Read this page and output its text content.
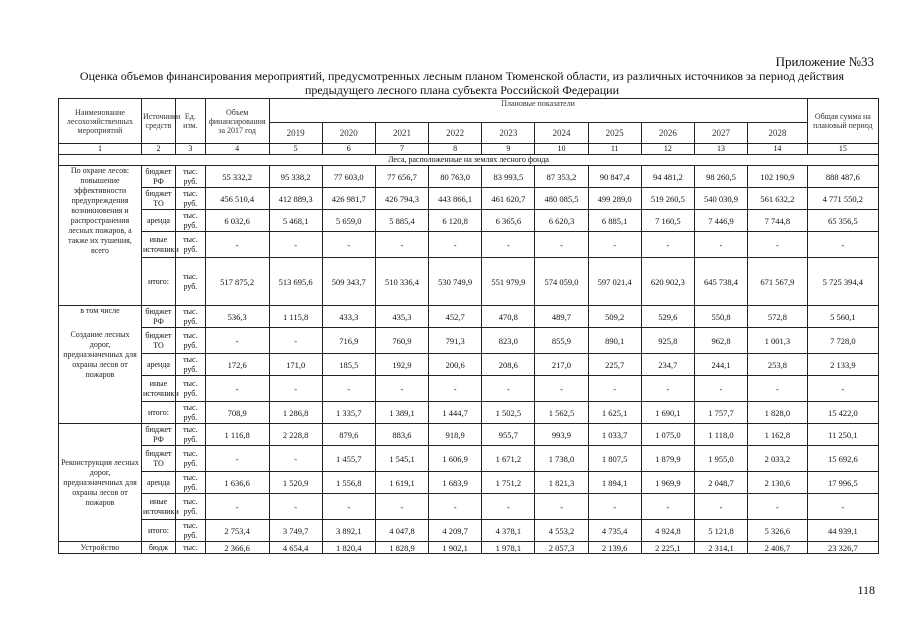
Приложение №33
Оценка объемов финансирования мероприятий, предусмотренных лесным планом Тюменской области, из различных источников за период действия предыдущего лесного плана субъекта Российской Федерации
Наименование лесохозяйственных мероприятий	Источники средств	Ед. изм.	Объем финансирования за 2017 год	Плановые показатели										Общая сумма на плановый период
				2019	2020	2021	2022	2023	2024	2025	2026	2027	2028	
1	2	3	4	5	6	7	8	9	10	11	12	13	14	15
Леса, расположенные на землях лесного фонда														

По охране лесов: повышение эффективности предупреждения возникновения и распространения лесных пожаров, а также их тушения, всего	бюджет РФ	тыс. руб.	55 332,2	95 338,2	77 603,0	77 656,7	80 763,0	83 993,5	87 353,2	90 847,4	94 481,2	98 260,5	102 190,9	888 487,6
	бюджет ТО	тыс. руб.	456 510,4	412 889,3	426 981,7	426 794,3	443 866,1	461 620,7	480 085,5	499 289,0	519 260,5	540 030,9	561 632,2	4 771 550,2
	аренда	тыс. руб.	6 032,6	5 468,1	5 659,0	5 885,4	6 120,8	6 365,6	6 620,3	6 885,1	7 160,5	7 446,9	7 744,8	65 356,5
	иные источники	тыс. руб.	-	-	-	-	-	-	-	-	-	-	-	-
	итого:	тыс. руб.	517 875,2	513 695,6	509 343,7	510 336,4	530 749,9	551 979,9	574 059,0	597 021,4	620 902,3	645 738,4	671 567,9	5 725 394,4

в том числе
Создание лесных дорог, предназначенных для охраны лесов от пожаров	бюджет РФ	тыс. руб.	536,3	1 115,8	433,3	435,3	452,7	470,8	489,7	509,2	529,6	550,8	572,8	5 560,1
	бюджет ТО	тыс. руб.	-	-	716,9	760,9	791,3	823,0	855,9	890,1	925,8	962,8	1 001,3	7 728,0
	аренда	тыс. руб.	172,6	171,0	185,5	192,9	200,6	208,6	217,0	225,7	234,7	244,1	253,8	2 133,9
	иные источники	тыс. руб.	-	-	-	-	-	-	-	-	-	-	-	-
	итого:	тыс. руб.	708,9	1 286,8	1 335,7	1 389,1	1 444,7	1 502,5	1 562,5	1 625,1	1 690,1	1 757,7	1 828,0	15 422,0

Реконструкция лесных дорог, предназначенных для охраны лесов от пожаров	бюджет РФ	тыс. руб.	1 116,8	2 228,8	879,6	883,6	918,9	955,7	993,9	1 033,7	1 075,0	1 118,0	1 162,8	11 250,1
	бюджет ТО	тыс. руб.	-	-	1 455,7	1 545,1	1 606,9	1 671,2	1 738,0	1 807,5	1 879,9	1 955,0	2 033,2	15 692,6
	аренда	тыс. руб.	1 636,6	1 520,9	1 556,8	1 619,1	1 683,9	1 751,2	1 821,3	1 894,1	1 969,9	2 048,7	2 130,6	17 996,5
	иные источники	тыс. руб.	-	-	-	-	-	-	-	-	-	-	-	-
	итого:	тыс. руб.	2 753,4	3 749,7	3 892,1	4 047,8	4 209,7	4 378,1	4 553,2	4 735,4	4 924,8	5 121,8	5 326,6	44 939,1

Устройство	бюдж	тыс.	2 366,6	4 654,4	1 820,4	1 828,9	1 902,1	1 978,1	2 057,3	2 139,6	2 225,1	2 314,1	2 406,7	23 326,7
118
